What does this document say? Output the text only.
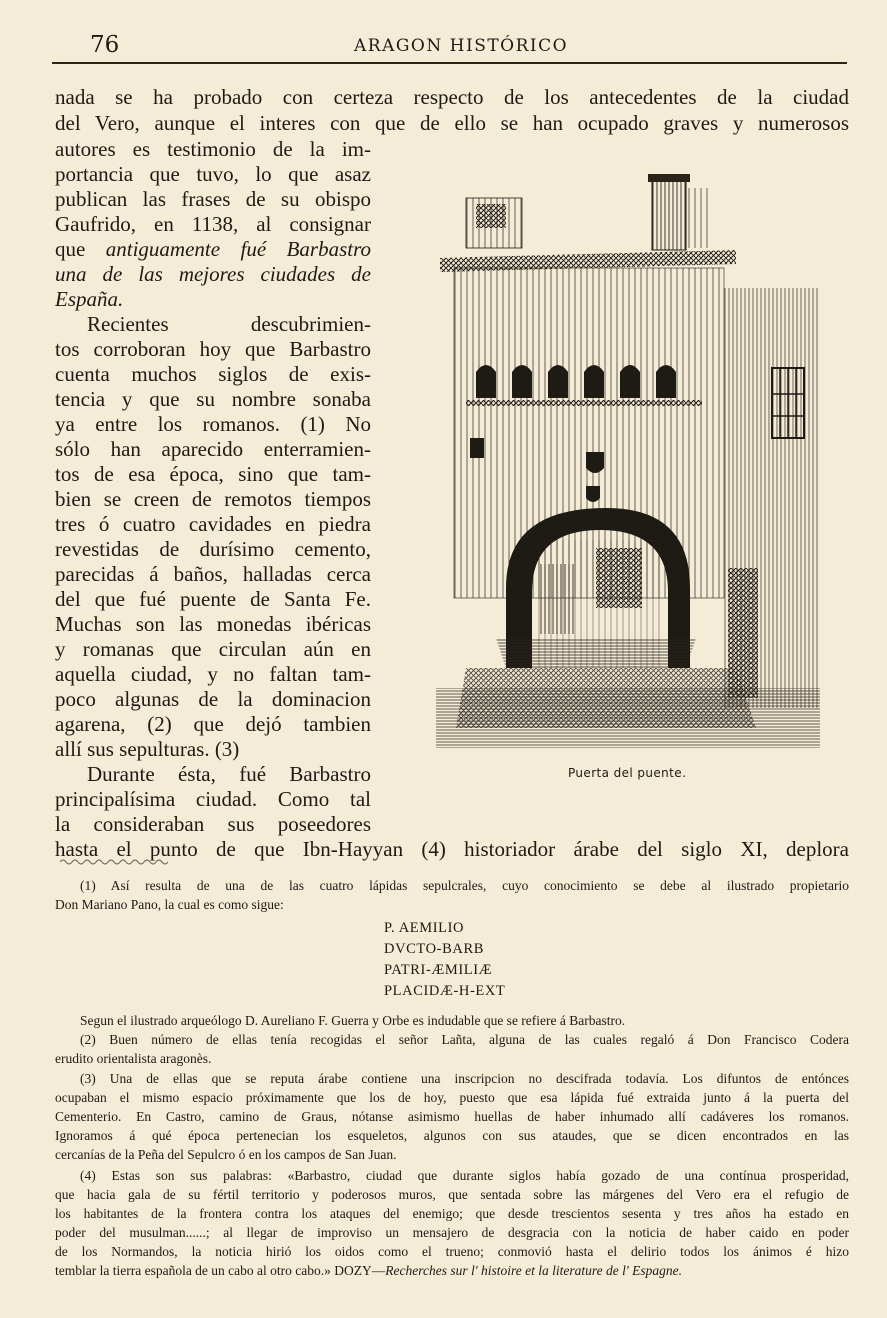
76	ARAGON HISTÓRICO
nada se ha probado con certeza respecto de los antecedentes de la ciudad
del Vero, aunque el interes con que de ello se han ocupado graves y numerosos
autores es testimonio de la im-
portancia que tuvo, lo que asaz
publican las frases de su obispo
Gaufrido, en 1138, al consignar
que antiguamente fué Barbastro
una de las mejores ciudades de
España.
Recientes descubrimien-
tos corroboran hoy que Barbastro
cuenta muchos siglos de exis-
tencia y que su nombre sonaba
ya entre los romanos. (1) No
sólo han aparecido enterramien-
tos de esa época, sino que tam-
bien se creen de remotos tiempos
tres ó cuatro cavidades en piedra
revestidas de durísimo cemento,
parecidas á baños, halladas cerca
del que fué puente de Santa Fe.
Muchas son las monedas ibéricas
y romanas que circulan aún en
aquella ciudad, y no faltan tam-
poco algunas de la dominacion
agarena, (2) que dejó tambien
allí sus sepulturas. (3)
Durante ésta, fué Barbastro
principalísima ciudad. Como tal
la consideraban sus poseedores
hasta el punto de que Ibn-Hayyan (4) historiador árabe del siglo XI, deplora
Puerta del puente.
(1) Así resulta de una de las cuatro lápidas sepulcrales, cuyo conocimiento se debe al ilustrado propietario
Don Mariano Pano, la cual es como sigue:
P. AEMILIO
DVCTO-BARB
PATRI-ÆMILIÆ
PLACIDÆ-H-EXT
Segun el ilustrado arqueólogo D. Aureliano F. Guerra y Orbe es indudable que se refiere á Barbastro.
(2) Buen número de ellas tenía recogidas el señor Lañta, alguna de las cuales regaló á Don Francisco Codera
erudito orientalista aragonès.
(3) Una de ellas que se reputa árabe contiene una inscripcion no descifrada todavía. Los difuntos de entónces
ocupaban el mismo espacio próximamente que los de hoy, puesto que esa lápida fué extraida junto á la puerta del
Cementerio. En Castro, camino de Graus, nótanse asimismo huellas de haber inhumado allí cadáveres los romanos.
Ignoramos á qué época pertenecian los esqueletos, algunos con sus ataudes, que se dicen encontrados en las
cercanías de la Peña del Sepulcro ó en los campos de San Juan.
(4) Estas son sus palabras: «Barbastro, ciudad que durante siglos había gozado de una contínua prosperidad,
que hacia gala de su fértil territorio y poderosos muros, que sentada sobre las márgenes del Vero era el refugio de
los habitantes de la frontera contra los ataques del enemigo; que desde trescientos sesenta y tres años ha estado en
poder del musulman......; al llegar de improviso un mensajero de desgracia con la noticia de haber caido en poder
de los Normandos, la noticia hirió los oidos como el trueno; conmovió hasta el delirio todos los ánimos é hizo
temblar la tierra española de un cabo al otro cabo.» DOZY—Recherches sur l' histoire et la literature de l' Espagne.
